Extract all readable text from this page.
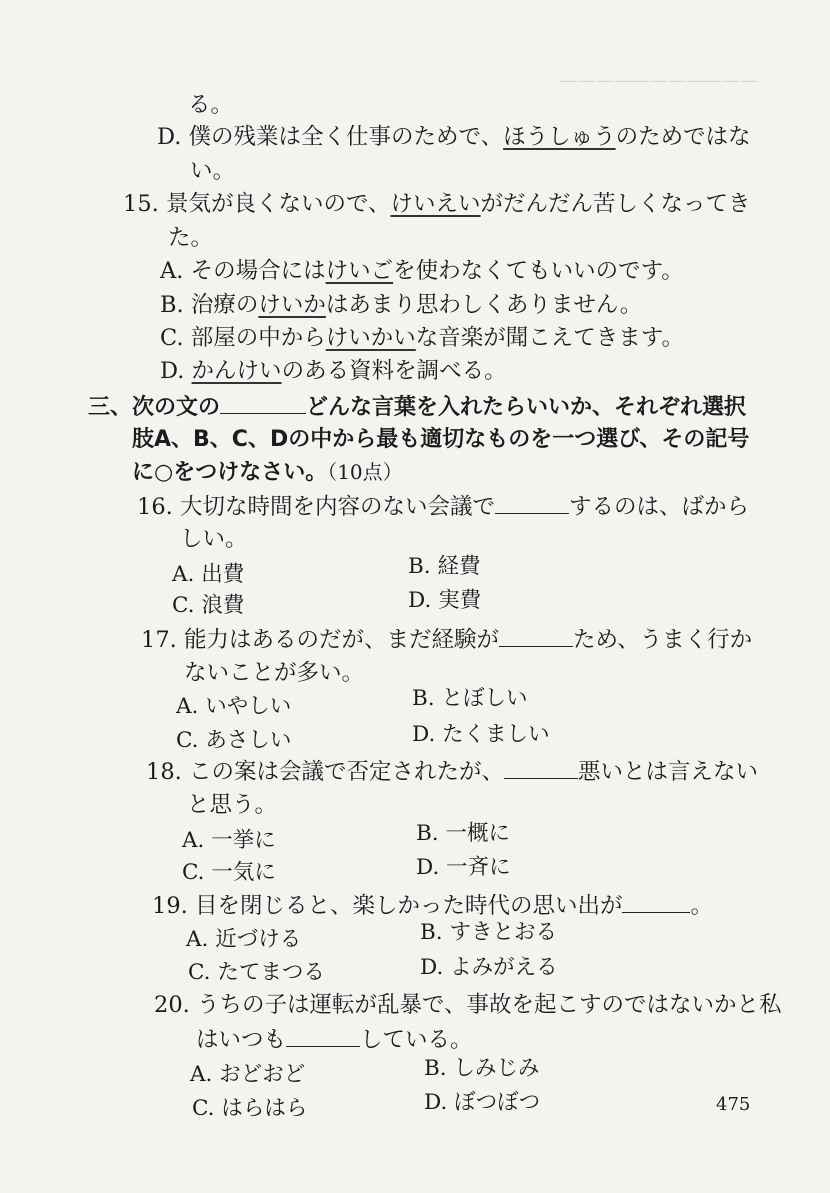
———————————
る。
D. 僕の残業は全く仕事のためで、ほうしゅうのためではな
い。
15. 景気が良くないので、けいえいがだんだん苦しくなってき
た。
A. その場合にはけいごを使わなくてもいいのです。
B. 治療のけいかはあまり思わしくありません。
C. 部屋の中からけいかいな音楽が聞こえてきます。
D. かんけいのある資料を調べる。
三、次の文の	どんな言葉を入れたらいいか、それぞれ選択
肢A、B、C、Dの中から最も適切なものを一つ選び、その記号
に○をつけなさい。（10点）
16. 大切な時間を内容のない会議で	するのは、ばから
しい。
A. 出費	B. 経費
C. 浪費	D. 実費
17. 能力はあるのだが、まだ経験が	ため、うまく行か
ないことが多い。
A. いやしい	B. とぼしい
C. あさしい	D. たくましい
18. この案は会議で否定されたが、	悪いとは言えない
と思う。
A. 一挙に	B. 一概に
C. 一気に	D. 一斉に
19. 目を閉じると、楽しかった時代の思い出が	。
A. 近づける	B. すきとおる
C. たてまつる	D. よみがえる
20. うちの子は運転が乱暴で、事故を起こすのではないかと私
はいつも	している。
A. おどおど	B. しみじみ
C. はらはら	D. ぼつぼつ	475
